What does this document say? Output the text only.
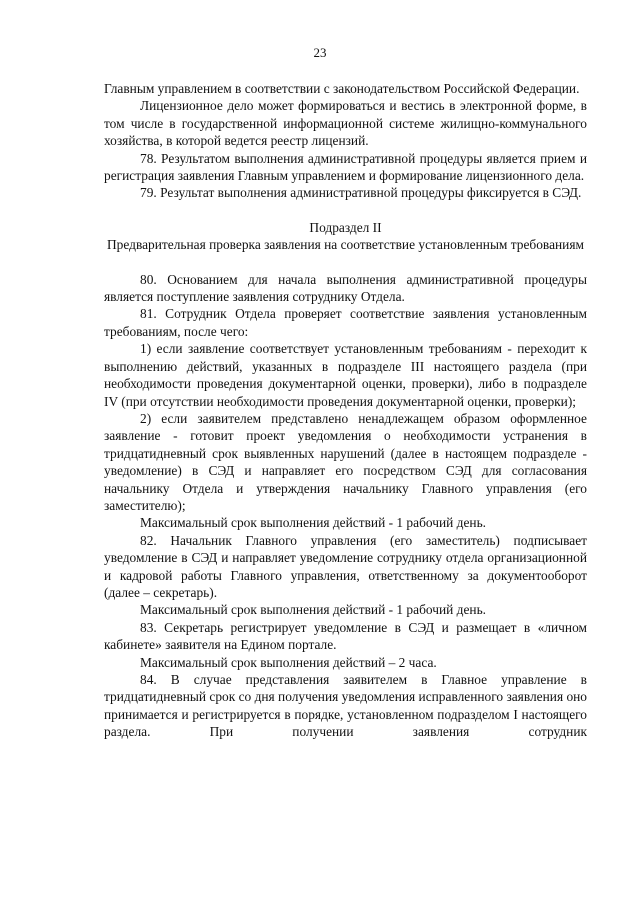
23

Главным управлением в соответствии с законодательством Российской Федерации.

Лицензионное дело может формироваться и вестись в электронной форме, в том числе в государственной информационной системе жилищно-коммунального хозяйства, в которой ведется реестр лицензий.

78. Результатом выполнения административной процедуры является прием и регистрация заявления Главным управлением и формирование лицензионного дела.

79. Результат выполнения административной процедуры фиксируется в СЭД.

Подраздел II

Предварительная проверка заявления на соответствие установленным требованиям

80. Основанием для начала выполнения административной процедуры является поступление заявления сотруднику Отдела.

81. Сотрудник Отдела проверяет соответствие заявления установленным требованиям, после чего:

1) если заявление соответствует установленным требованиям - переходит к выполнению действий, указанных в подразделе III настоящего раздела (при необходимости проведения документарной оценки, проверки), либо в подразделе IV (при отсутствии необходимости проведения документарной оценки, проверки);

2) если заявителем представлено ненадлежащем образом оформленное заявление - готовит проект уведомления о необходимости устранения в тридцатидневный срок выявленных нарушений (далее в настоящем подразделе - уведомление) в СЭД и направляет его посредством СЭД для согласования начальнику Отдела и утверждения начальнику Главного управления (его заместителю);

Максимальный срок выполнения действий - 1 рабочий день.

82. Начальник Главного управления (его заместитель) подписывает уведомление в СЭД и направляет уведомление сотруднику отдела организационной и кадровой работы Главного управления, ответственному за документооборот (далее – секретарь).

Максимальный срок выполнения действий - 1 рабочий день.

83. Секретарь регистрирует уведомление в СЭД и размещает в «личном кабинете» заявителя на Едином портале.

Максимальный срок выполнения действий – 2 часа.

84. В случае представления заявителем в Главное управление в тридцатидневный срок со дня получения уведомления исправленного заявления оно принимается и регистрируется в порядке, установленном подразделом I настоящего раздела. При получении заявления сотрудник
